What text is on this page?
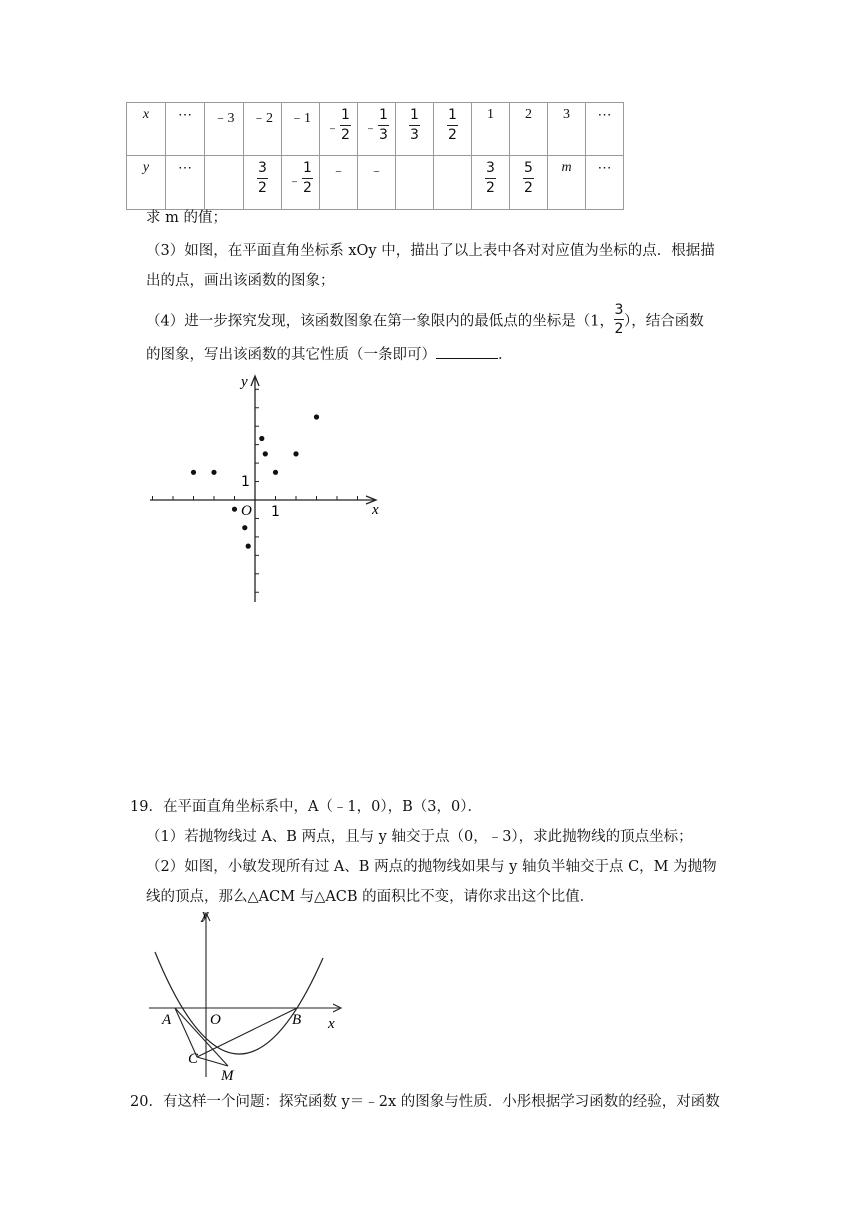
x	⋯	﹣3	﹣2	﹣1	﹣ $\frac{1}{2}$	﹣ $\frac{1}{3}$	$\frac{1}{3}$	$\frac{1}{2}$	1	2	3	⋯
y	⋯		$\frac{3}{2}$	﹣ $\frac{1}{2}$	﹣	﹣			$\frac{3}{2}$	$\frac{5}{2}$	m	⋯
求 m 的值；
（3）如图，在平面直角坐标系 xOy 中，描出了以上表中各对对应值为坐标的点．根据描
出的点，画出该函数的图象；
（4）进一步探究发现，该函数图象在第一象限内的最低点的坐标是（1， $\frac{3}{2}$ ），结合函数
的图象，写出该函数的其它性质（一条即可）	．
y
x
O 1
1
19．在平面直角坐标系中，A（﹣1，0），B（3，0）．
（1）若抛物线过 A、B 两点，且与 y 轴交于点（0，﹣3），求此抛物线的顶点坐标；
（2）如图，小敏发现所有过 A、B 两点的抛物线如果与 y 轴负半轴交于点 C，M 为抛物
线的顶点，那么△ACM 与△ACB 的面积比不变，请你求出这个比值．
y
x
A	O	B
C
M
20．有这样一个问题：探究函数 y＝﹣2x 的图象与性质．小彤根据学习函数的经验，对函数
